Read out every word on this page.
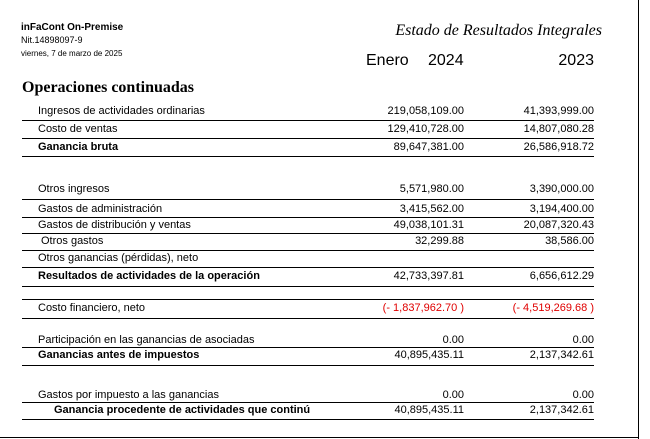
inFaCont On-Premise
Nit.14898097-9
viernes, 7 de marzo de 2025
Estado de Resultados Integrales
Enero 2024	2023
Operaciones continuadas
Ingresos de actividades ordinarias	219,058,109.00	41,393,999.00
Costo de ventas	129,410,728.00	14,807,080.28
Ganancia bruta	89,647,381.00	26,586,918.72
Otros ingresos	5,571,980.00	3,390,000.00
Gastos de administración	3,415,562.00	3,194,400.00
Gastos de distribución y ventas	49,038,101.31	20,087,320.43
Otros gastos	32,299.88	38,586.00
Otros ganancias (pérdidas), neto
Resultados de actividades de la operación	42,733,397.81	6,656,612.29
Costo financiero, neto	(- 1,837,962.70 )	(- 4,519,269.68 )
Participación en las ganancias de asociadas	0.00	0.00
Ganancias antes de impuestos	40,895,435.11	2,137,342.61
Gastos por impuesto a las ganancias	0.00	0.00
Ganancia procedente de actividades que continú	40,895,435.11	2,137,342.61
